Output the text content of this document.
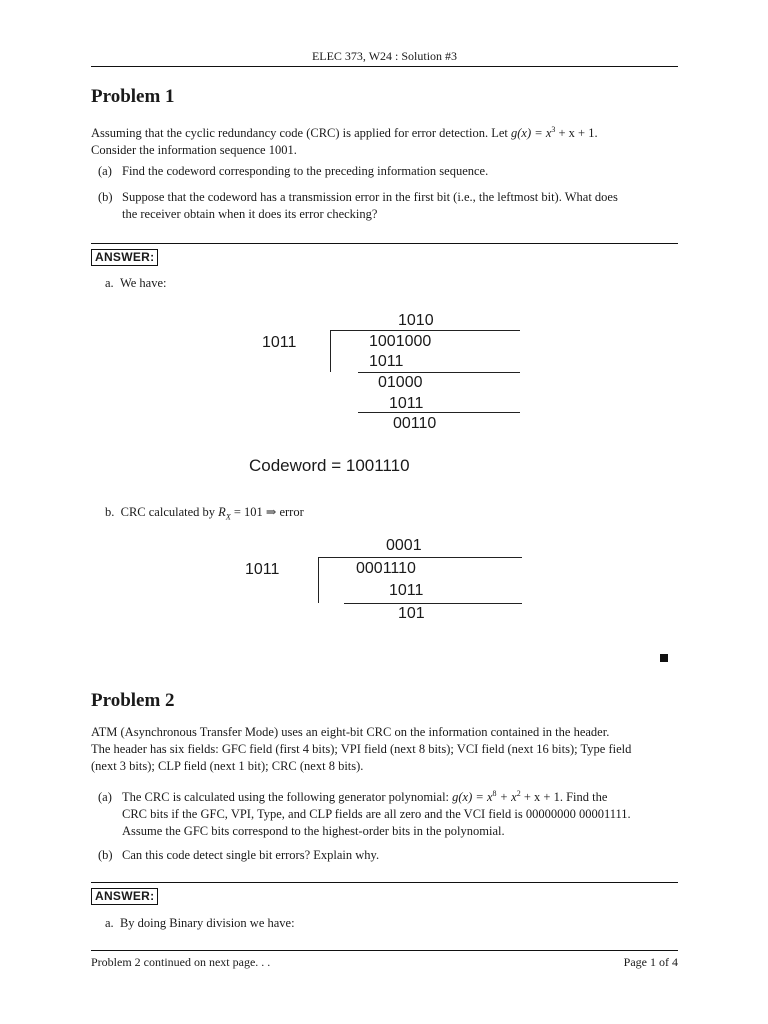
ELEC 373, W24 : Solution #3
Problem 1
Assuming that the cyclic redundancy code (CRC) is applied for error detection. Let $g(x) = x^3 + x + 1$.
Consider the information sequence 1001.
(a) Find the codeword corresponding to the preceding information sequence.
(b) Suppose that the codeword has a transmission error in the first bit (i.e., the leftmost bit). What does
the receiver obtain when it does its error checking?
ANSWER:
a. We have:
1010
1011	1001000
1011
01000
1011
00110
Codeword = 1001110
b. CRC calculated by $R_X = 101$ ⇒ error
0001
1011	0001110
1011
101
Problem 2
ATM (Asynchronous Transfer Mode) uses an eight-bit CRC on the information contained in the header.
The header has six fields: GFC field (first 4 bits); VPI field (next 8 bits); VCI field (next 16 bits); Type field
(next 3 bits); CLP field (next 1 bit); CRC (next 8 bits).
(a) The CRC is calculated using the following generator polynomial: $g(x) = x^8 + x^2 + x + 1$. Find the
CRC bits if the GFC, VPI, Type, and CLP fields are all zero and the VCI field is 00000000 00001111.
Assume the GFC bits correspond to the highest-order bits in the polynomial.
(b) Can this code detect single bit errors? Explain why.
ANSWER:
a. By doing Binary division we have:
Problem 2 continued on next page. . .	Page 1 of 4
